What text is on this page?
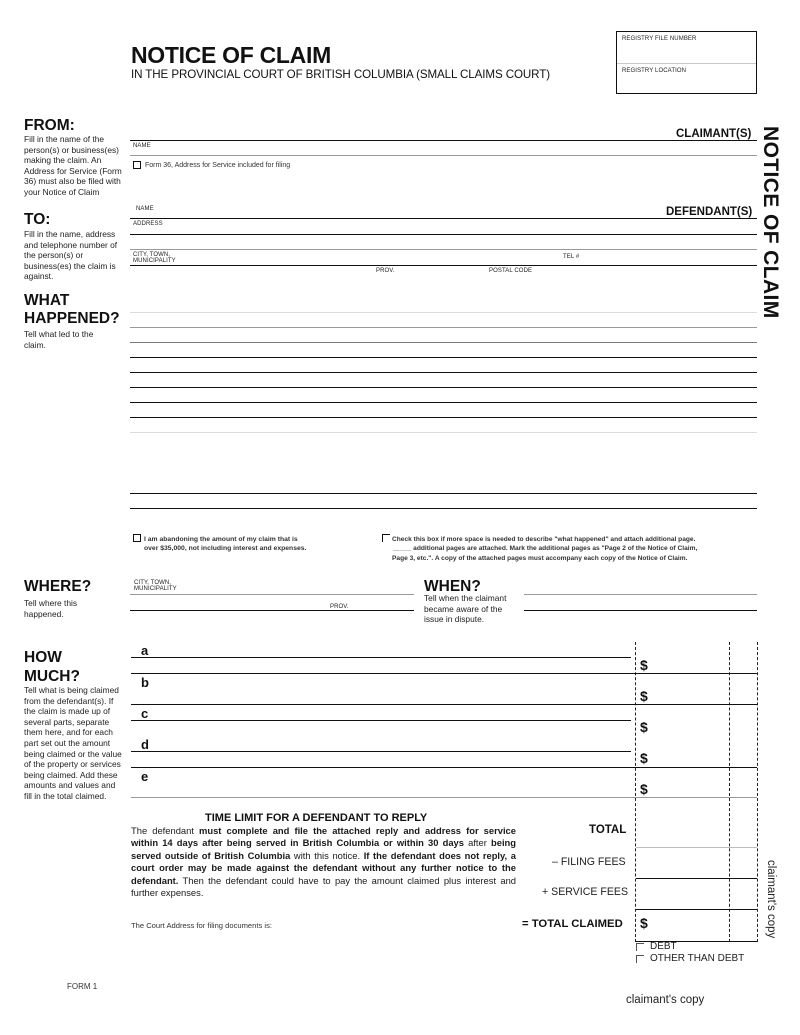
NOTICE OF CLAIM
IN THE PROVINCIAL COURT OF BRITISH COLUMBIA (SMALL CLAIMS COURT)
REGISTRY FILE NUMBER
REGISTRY LOCATION
NOTICE OF CLAIM
FROM:
Fill in the name of the person(s) or business(es) making the claim. An Address for Service (Form 36) must also be filed with your Notice of Claim
CLAIMANT(S)
NAME
Form 36, Address for Service included for filing
TO:
Fill in the name, address and telephone number of the person(s) or business(es) the claim is against.
NAME	DEFENDANT(S)
ADDRESS
CITY, TOWN,
MUNICIPALITY
TEL #
PROV.	POSTAL CODE
WHAT
HAPPENED?
Tell what led to the claim.
I am abandoning the amount of my claim that is
over $35,000, not including interest and expenses.
Check this box if more space is needed to describe "what happened" and attach additional page.
_____ additional pages are attached. Mark the additional pages as "Page 2 of the Notice of Claim,
Page 3, etc.". A copy of the attached pages must accompany each copy of the Notice of Claim.
WHERE?
Tell where this happened.
CITY, TOWN,
MUNICIPALITY
PROV.
WHEN?
Tell when the claimant became aware of the issue in dispute.
HOW
MUCH?
Tell what is being claimed from the defendant(s). If the claim is made up of several parts, separate them here, and for each part set out the amount being claimed or the value of the property or services being claimed. Add these amounts and values and fill in the total claimed.
a
$
b
$
c
$
d
$
e
$
TOTAL
– FILING FEES
+ SERVICE FEES
= TOTAL CLAIMED $
DEBT
OTHER THAN DEBT
claimant's copy
TIME LIMIT FOR A DEFENDANT TO REPLY
The defendant must complete and file the attached reply and address for service within 14 days after being served in British Columbia or within 30 days after being served outside of British Columbia with this notice. If the defendant does not reply, a court order may be made against the defendant without any further notice to the defendant. Then the defendant could have to pay the amount claimed plus interest and further expenses.
The Court Address for filing documents is:
FORM 1
claimant's copy
